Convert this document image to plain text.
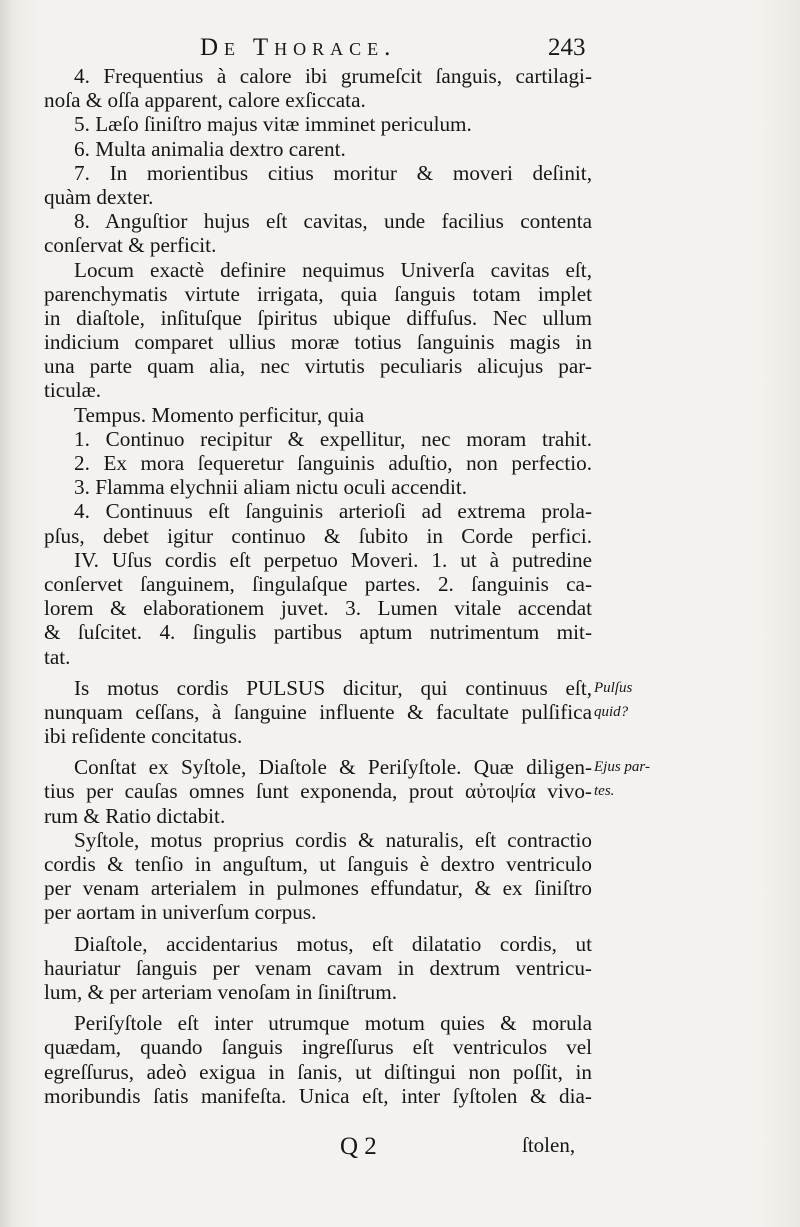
De Thorace.	243
4. Frequentius à calore ibi grumeſcit ſanguis, cartilagi-
noſa & oſſa apparent, calore exſiccata.
5. Læſo ſiniſtro majus vitæ imminet periculum.
6. Multa animalia dextro carent.
7. In morientibus citius moritur & moveri deſinit,
quàm dexter.
8. Anguſtior hujus eſt cavitas, unde facilius contenta
conſervat & perficit.
Locum exactè definire nequimus Univerſa cavitas eſt,
parenchymatis virtute irrigata, quia ſanguis totam implet
in diaſtole, inſituſque ſpiritus ubique diffuſus. Nec ullum
indicium comparet ullius moræ totius ſanguinis magis in
una parte quam alia, nec virtutis peculiaris alicujus par-
ticulæ.
Tempus. Momento perficitur, quia
1. Continuo recipitur & expellitur, nec moram trahit.
2. Ex mora ſequeretur ſanguinis aduſtio, non perfectio.
3. Flamma elychnii aliam nictu oculi accendit.
4. Continuus eſt ſanguinis arterioſi ad extrema prola-
pſus, debet igitur continuo & ſubito in Corde perfici.
IV. Uſus cordis eſt perpetuo Moveri. 1. ut à putredine
conſervet ſanguinem, ſingulaſque partes. 2. ſanguinis ca-
lorem & elaborationem juvet. 3. Lumen vitale accendat
& ſuſcitet. 4. ſingulis partibus aptum nutrimentum mit-
tat.
Is motus cordis PULSUS dicitur, qui continuus eſt,
nunquam ceſſans, à ſanguine influente & facultate pulſifica
ibi reſidente concitatus.
Conſtat ex Syſtole, Diaſtole & Periſyſtole. Quæ diligen-
tius per cauſas omnes ſunt exponenda, prout αὐτοψία vivo-
rum & Ratio dictabit.
Syſtole, motus proprius cordis & naturalis, eſt contractio
cordis & tenſio in anguſtum, ut ſanguis è dextro ventriculo
per venam arterialem in pulmones effundatur, & ex ſiniſtro
per aortam in univerſum corpus.
Diaſtole, accidentarius motus, eſt dilatatio cordis, ut
hauriatur ſanguis per venam cavam in dextrum ventricu-
lum, & per arteriam venoſam in ſiniſtrum.
Periſyſtole eſt inter utrumque motum quies & morula
quædam, quando ſanguis ingreſſurus eſt ventriculos vel
egreſſurus, adeò exigua in ſanis, ut diſtingui non poſſit, in
moribundis ſatis manifeſta. Unica eſt, inter ſyſtolen & dia-
Pulſus
quid?
Ejus par-
tes.
Q 2	ſtolen,
